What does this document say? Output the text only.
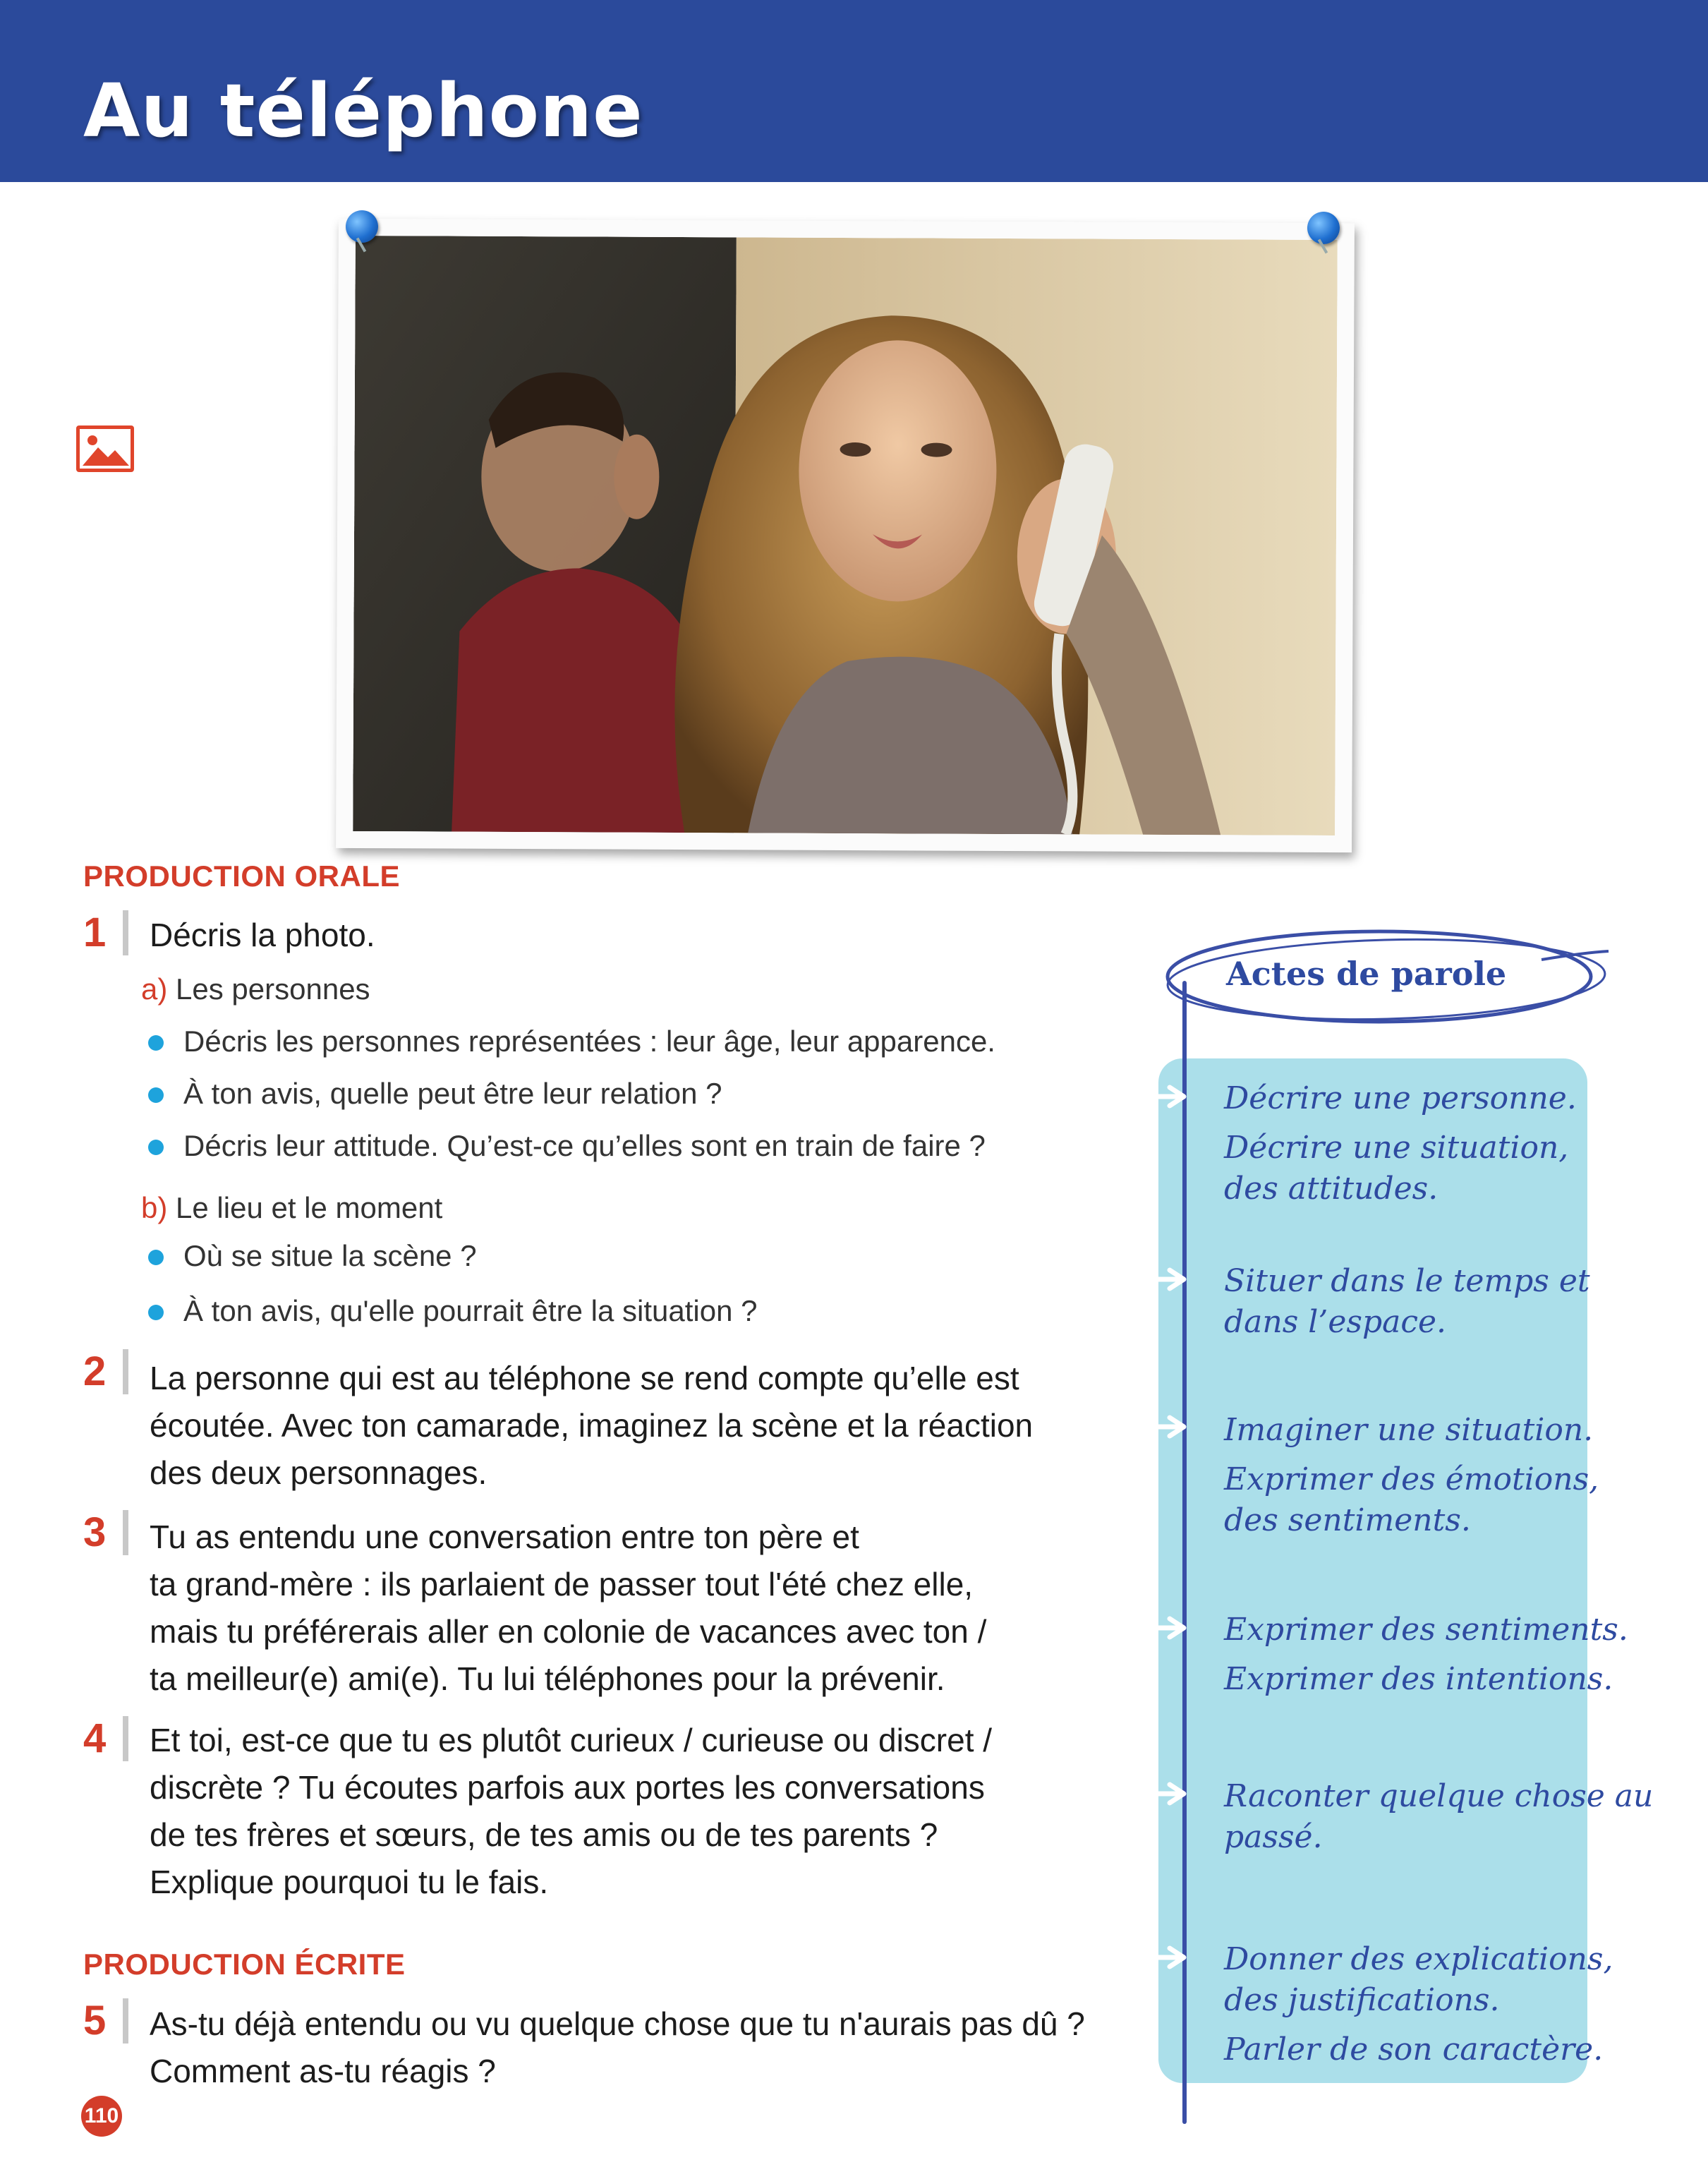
Au téléphone
PRODUCTION ORALE
1 Décris la photo.
a) Les personnes
Décris les personnes représentées : leur âge, leur apparence.
À ton avis, quelle peut être leur relation ?
Décris leur attitude. Qu’est-ce qu’elles sont en train de faire ?
b) Le lieu et le moment
Où se situe la scène ?
À ton avis, qu'elle pourrait être la situation ?
2 La personne qui est au téléphone se rend compte qu’elle est
écoutée. Avec ton camarade, imaginez la scène et la réaction
des deux personnages.
3 Tu as entendu une conversation entre ton père et
ta grand-mère : ils parlaient de passer tout l'été chez elle,
mais tu préférerais aller en colonie de vacances avec ton /
ta meilleur(e) ami(e). Tu lui téléphones pour la prévenir.
4 Et toi, est-ce que tu es plutôt curieux / curieuse ou discret /
discrète ? Tu écoutes parfois aux portes les conversations
de tes frères et sœurs, de tes amis ou de tes parents ?
Explique pourquoi tu le fais.
PRODUCTION ÉCRITE
5 As-tu déjà entendu ou vu quelque chose que tu n'aurais pas dû ?
Comment as-tu réagis ?
Actes de parole
Décrire une personne.
Décrire une situation,
des attitudes.
Situer dans le temps et
dans l’espace.
Imaginer une situation.
Exprimer des émotions,
des sentiments.
Exprimer des sentiments.
Exprimer des intentions.
Raconter quelque chose au
passé.
Donner des explications,
des justifications.
Parler de son caractère.
110
